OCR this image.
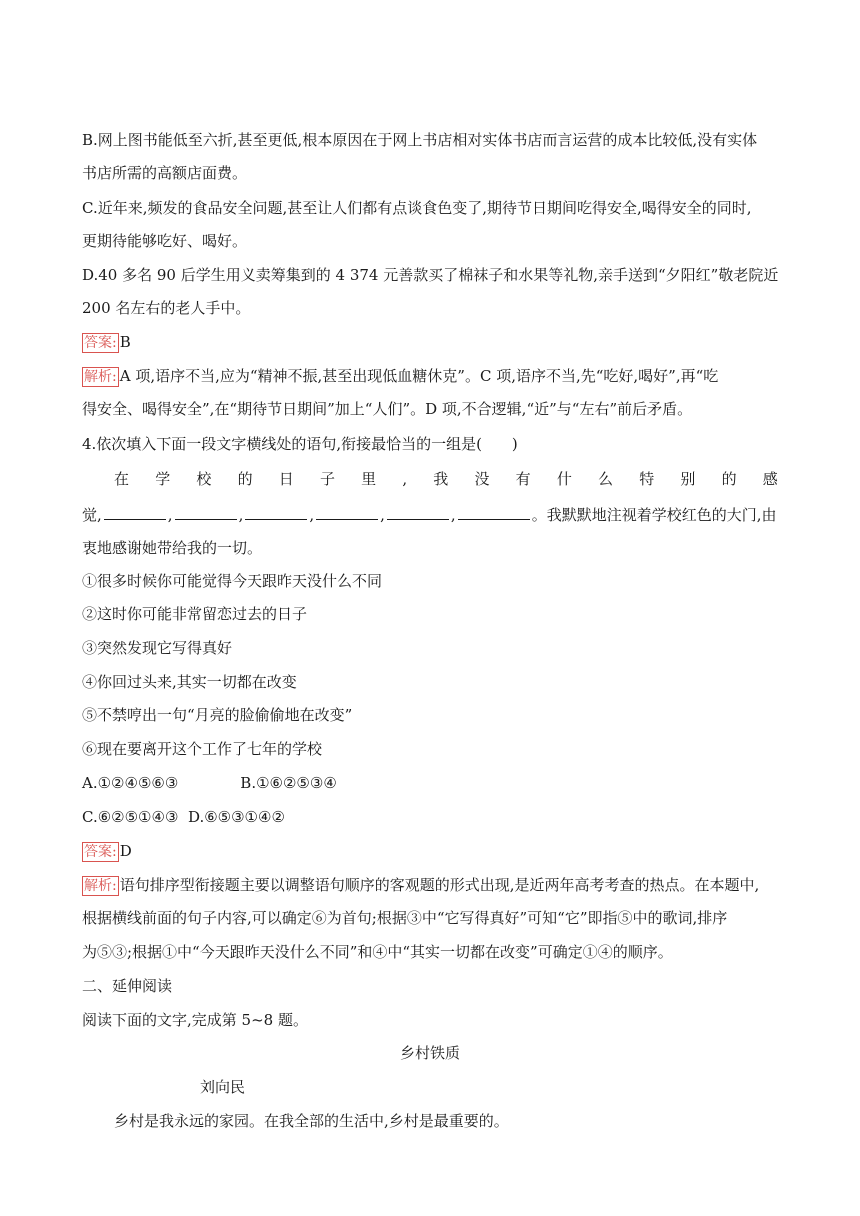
B.网上图书能低至六折,甚至更低,根本原因在于网上书店相对实体书店而言运营的成本比较低,没有实体
书店所需的高额店面费。
C.近年来,频发的食品安全问题,甚至让人们都有点谈食色变了,期待节日期间吃得安全,喝得安全的同时,
更期待能够吃好、喝好。
D.40 多名 90 后学生用义卖筹集到的 4 374 元善款买了棉袜子和水果等礼物,亲手送到“夕阳红”敬老院近
200 名左右的老人手中。
答案: B
解析: A 项,语序不当,应为“精神不振,甚至出现低血糖休克”。C 项,语序不当,先“吃好,喝好”,再“吃
得安全、喝得安全”,在“期待节日期间”加上“人们”。D 项,不合逻辑,“近”与“左右”前后矛盾。
4.依次填入下面一段文字横线处的语句,衔接最恰当的一组是(　　)
在 学 校 的 日 子 里 , 我 没 有 什 么 特 别 的 感
觉,	,	,	,	,	,	。我默默地注视着学校红色的大门,由
衷地感谢她带给我的一切。
①很多时候你可能觉得今天跟昨天没什么不同
②这时你可能非常留恋过去的日子
③突然发现它写得真好
④你回过头来,其实一切都在改变
⑤不禁哼出一句“月亮的脸偷偷地在改变”
⑥现在要离开这个工作了七年的学校
A.①②④⑤⑥③	B.①⑥②⑤③④
C.⑥②⑤①④③ D.⑥⑤③①④②
答案: D
解析: 语句排序型衔接题主要以调整语句顺序的客观题的形式出现,是近两年高考考查的热点。在本题中,
根据横线前面的句子内容,可以确定⑥为首句;根据③中“它写得真好”可知“它”即指⑤中的歌词,排序
为⑤③;根据①中“今天跟昨天没什么不同”和④中“其实一切都在改变”可确定①④的顺序。
二、延伸阅读
阅读下面的文字,完成第 5~8 题。
乡村铁质
刘向民
乡村是我永远的家园。在我全部的生活中,乡村是最重要的。
